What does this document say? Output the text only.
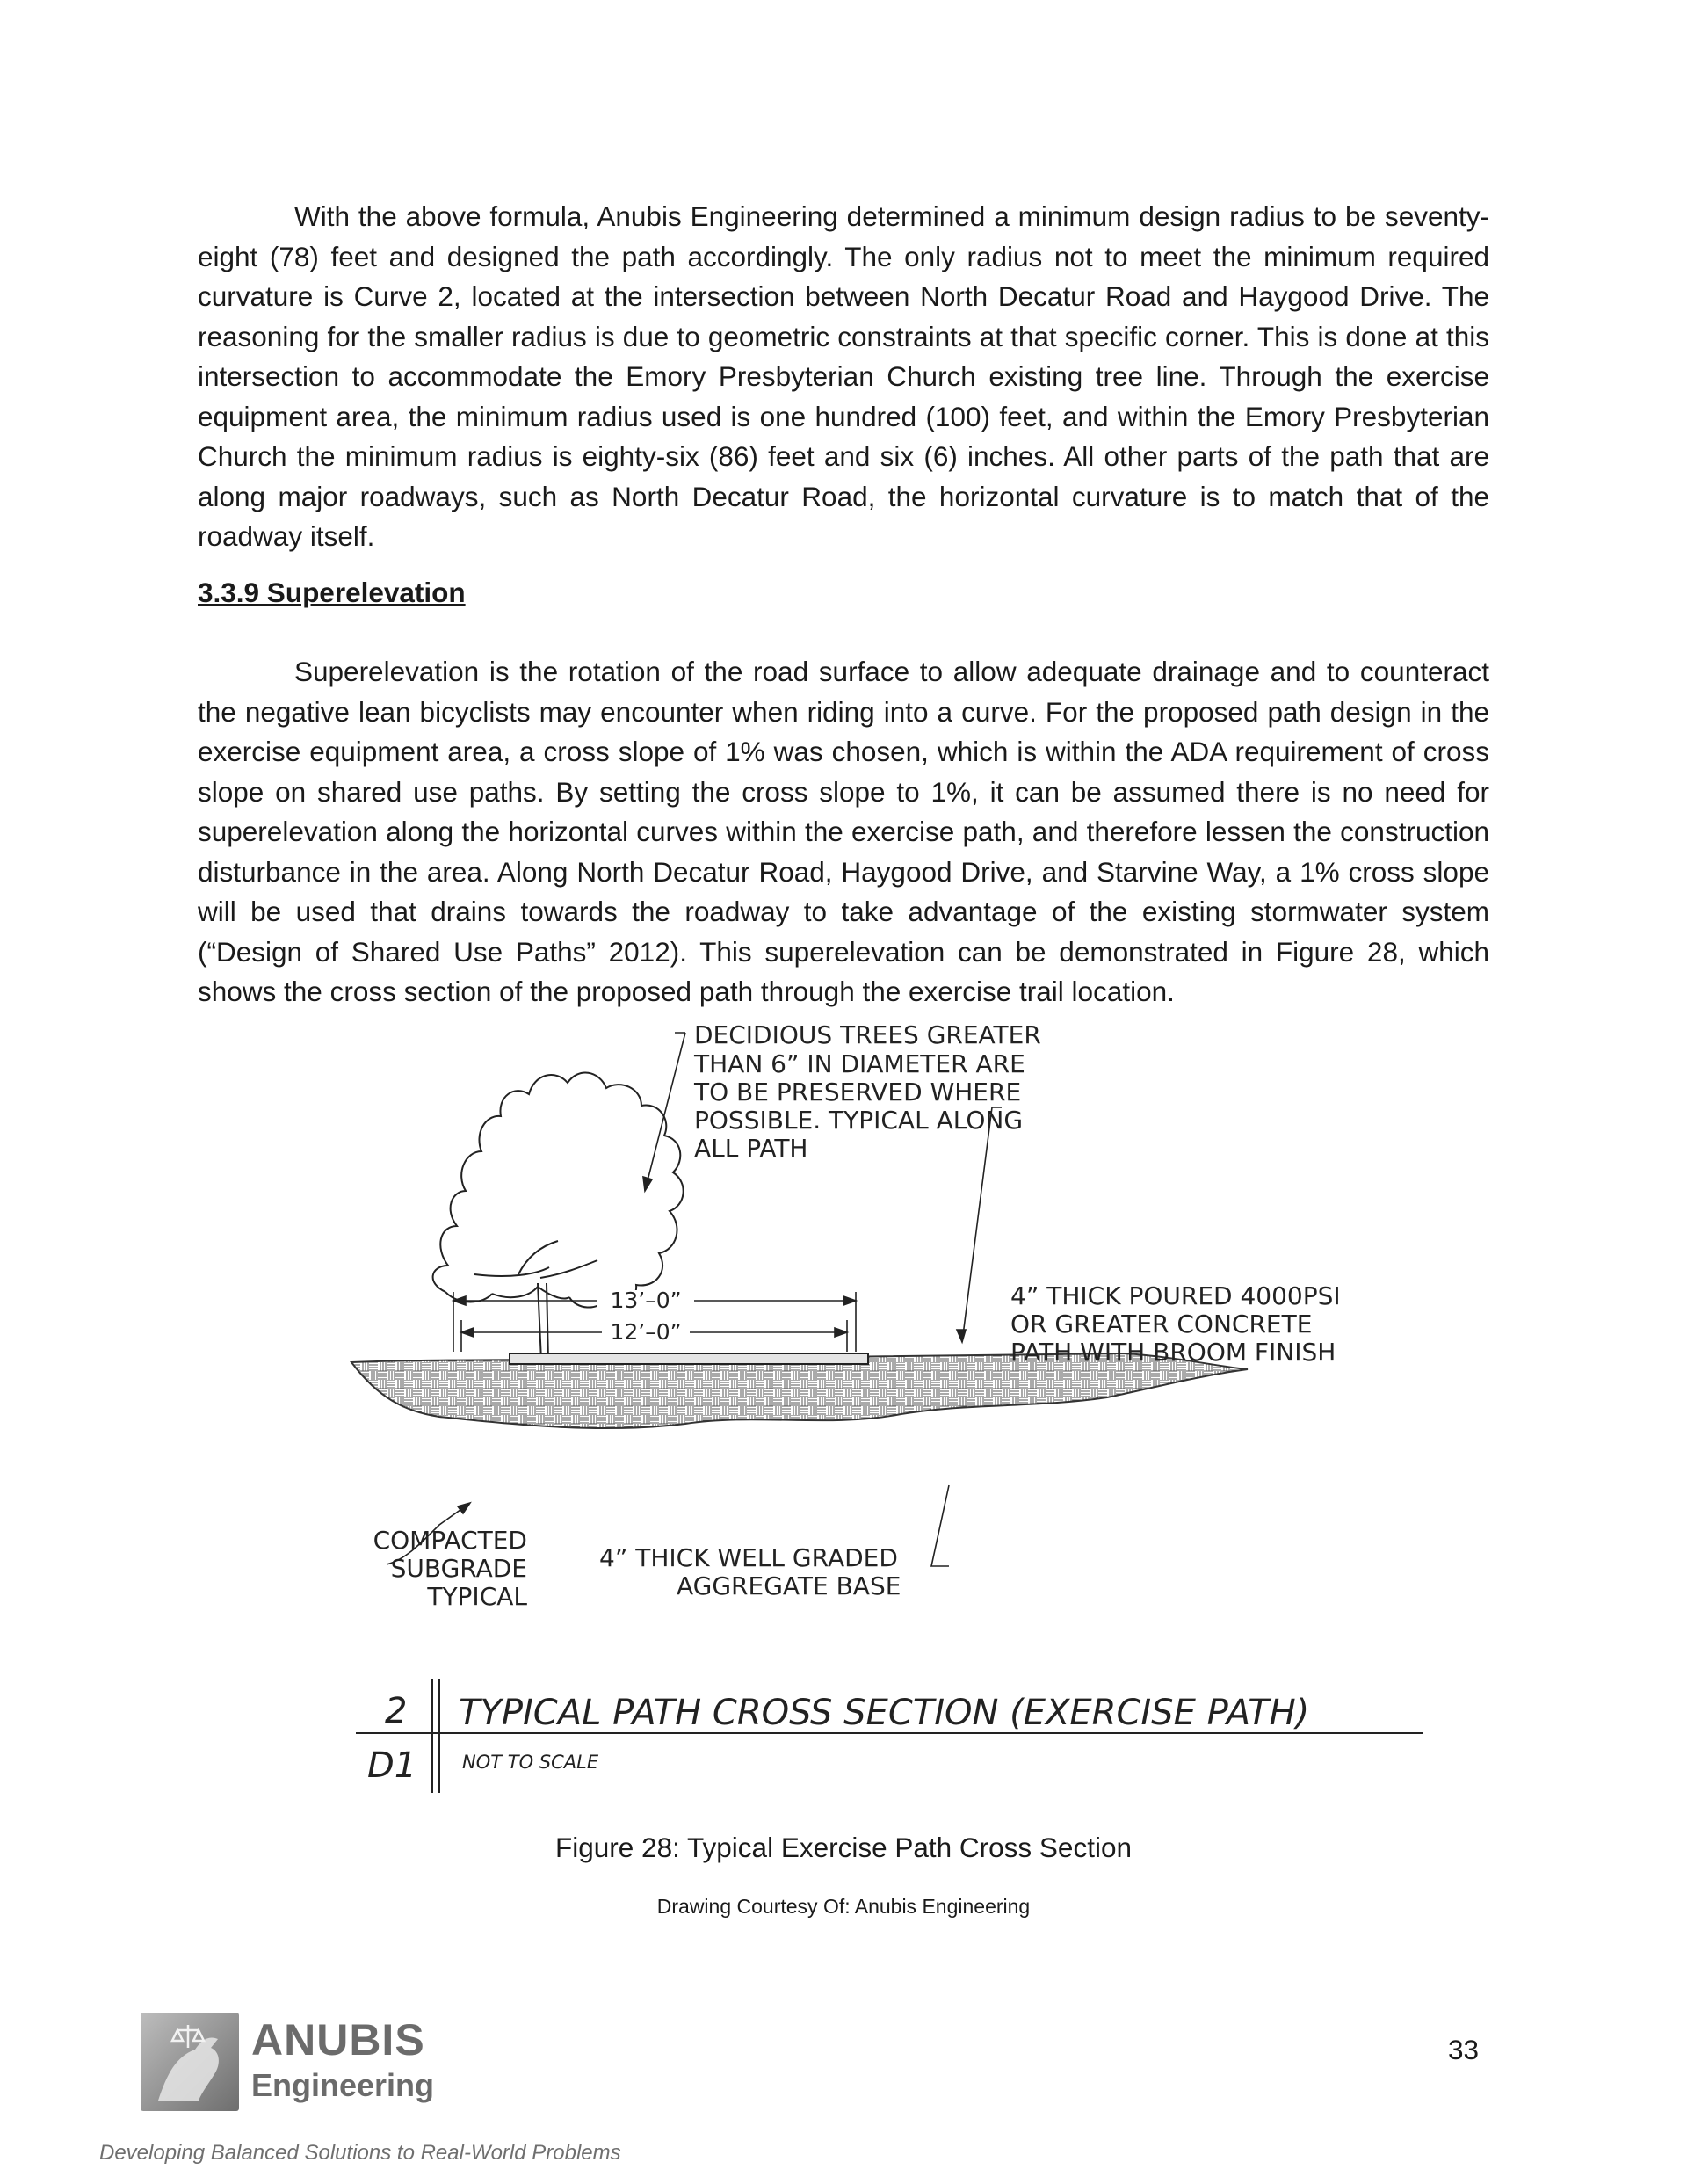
With the above formula, Anubis Engineering determined a minimum design radius to be seventy-eight (78) feet and designed the path accordingly. The only radius not to meet the minimum required curvature is Curve 2, located at the intersection between North Decatur Road and Haygood Drive. The reasoning for the smaller radius is due to geometric constraints at that specific corner. This is done at this intersection to accommodate the Emory Presbyterian Church existing tree line. Through the exercise equipment area, the minimum radius used is one hundred (100) feet, and within the Emory Presbyterian Church the minimum radius is eighty-six (86) feet and six (6) inches. All other parts of the path that are along major roadways, such as North Decatur Road, the horizontal curvature is to match that of the roadway itself.

3.3.9 Superelevation

Superelevation is the rotation of the road surface to allow adequate drainage and to counteract the negative lean bicyclists may encounter when riding into a curve. For the proposed path design in the exercise equipment area, a cross slope of 1% was chosen, which is within the ADA requirement of cross slope on shared use paths. By setting the cross slope to 1%, it can be assumed there is no need for superelevation along the horizontal curves within the exercise path, and therefore lessen the construction disturbance in the area. Along North Decatur Road, Haygood Drive, and Starvine Way, a 1% cross slope will be used that drains towards the roadway to take advantage of the existing stormwater system (“Design of Shared Use Paths” 2012). This superelevation can be demonstrated in Figure 28, which shows the cross section of the proposed path through the exercise trail location.

13’–0”
12’–0”
DECIDIOUS TREES GREATER
THAN 6” IN DIAMETER ARE
TO BE PRESERVED WHERE
POSSIBLE. TYPICAL ALONG
ALL PATH
4” THICK POURED 4000PSI
OR GREATER CONCRETE
PATH WITH BROOM FINISH
COMPACTED
SUBGRADE
TYPICAL
4” THICK WELL GRADED
AGGREGATE BASE
2
D1
TYPICAL PATH CROSS SECTION (EXERCISE PATH)
NOT TO SCALE
Figure 28: Typical Exercise Path Cross Section
Drawing Courtesy Of: Anubis Engineering
ANUBIS
Engineering
33
Developing Balanced Solutions to Real-World Problems
